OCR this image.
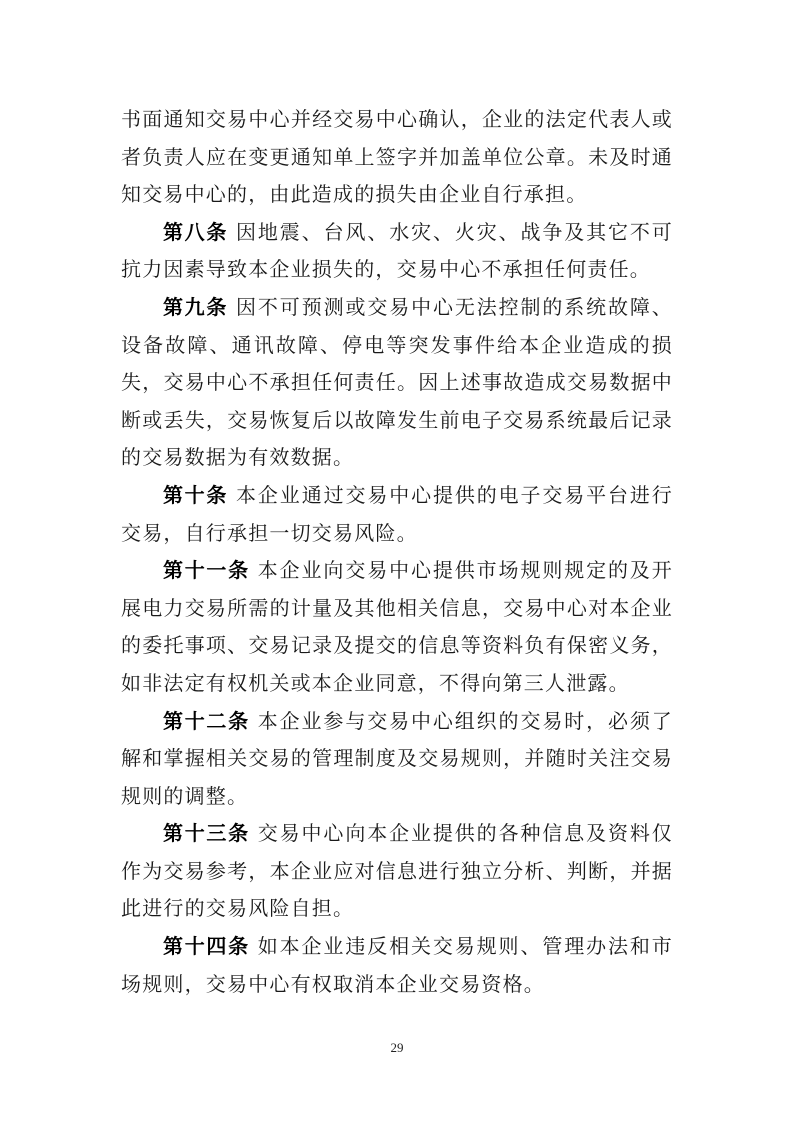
书面通知交易中心并经交易中心确认，企业的法定代表人或者负责人应在变更通知单上签字并加盖单位公章。未及时通知交易中心的，由此造成的损失由企业自行承担。

第八条 因地震、台风、水灾、火灾、战争及其它不可抗力因素导致本企业损失的，交易中心不承担任何责任。

第九条 因不可预测或交易中心无法控制的系统故障、设备故障、通讯故障、停电等突发事件给本企业造成的损失，交易中心不承担任何责任。因上述事故造成交易数据中断或丢失，交易恢复后以故障发生前电子交易系统最后记录的交易数据为有效数据。

第十条 本企业通过交易中心提供的电子交易平台进行交易，自行承担一切交易风险。

第十一条 本企业向交易中心提供市场规则规定的及开展电力交易所需的计量及其他相关信息，交易中心对本企业的委托事项、交易记录及提交的信息等资料负有保密义务，如非法定有权机关或本企业同意，不得向第三人泄露。

第十二条 本企业参与交易中心组织的交易时，必须了解和掌握相关交易的管理制度及交易规则，并随时关注交易规则的调整。

第十三条 交易中心向本企业提供的各种信息及资料仅作为交易参考，本企业应对信息进行独立分析、判断，并据此进行的交易风险自担。

第十四条 如本企业违反相关交易规则、管理办法和市场规则，交易中心有权取消本企业交易资格。

29
